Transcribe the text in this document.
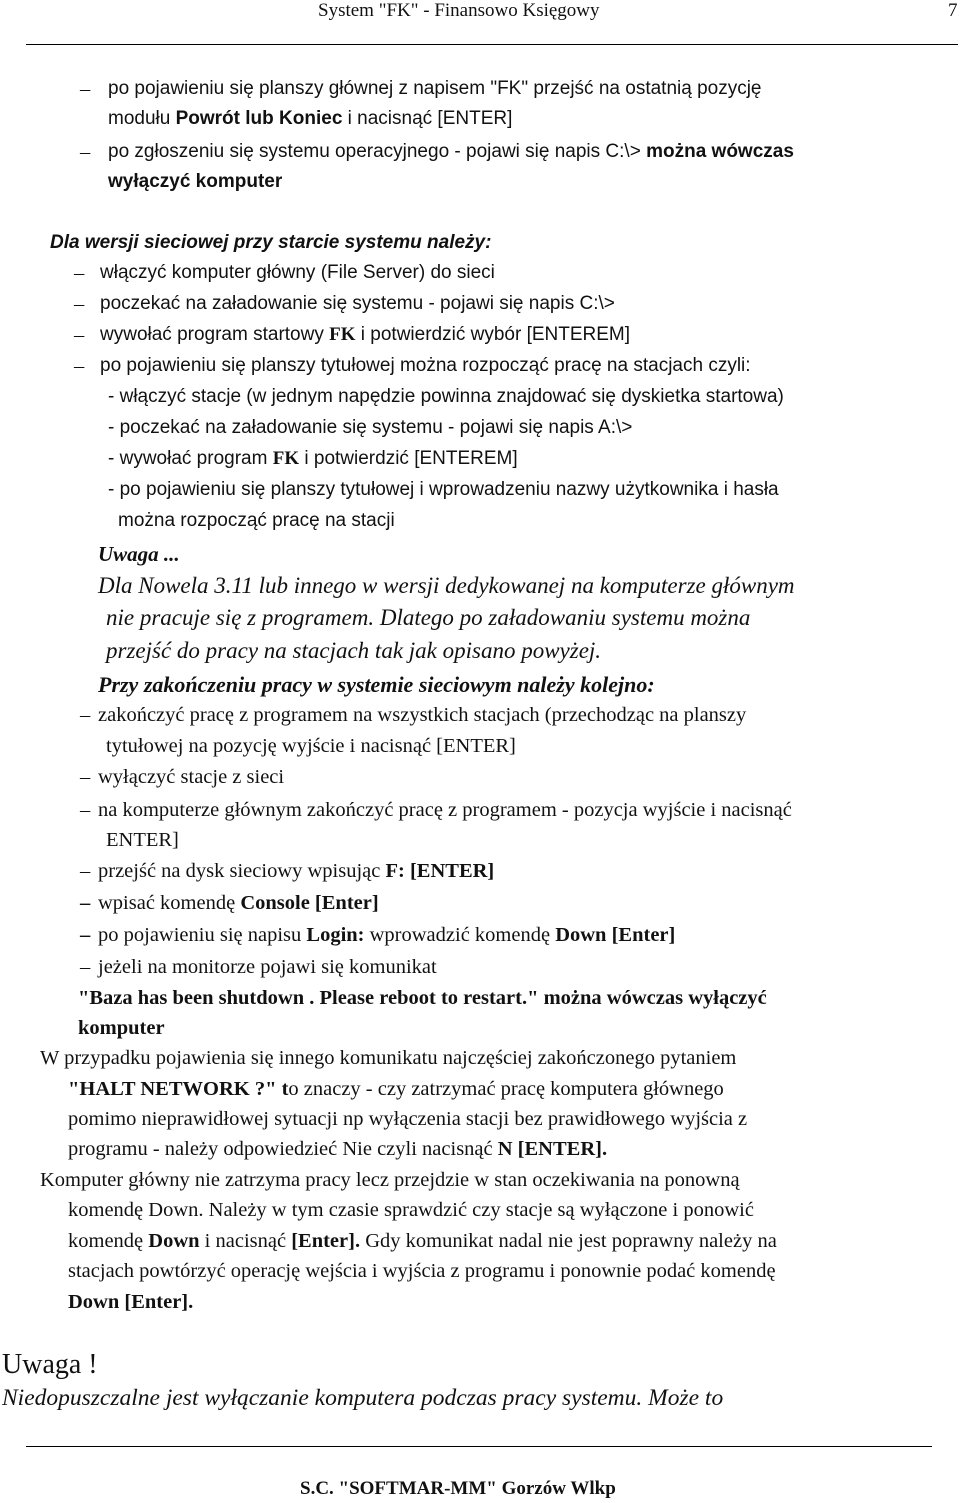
System "FK" - Finansowo Księgowy	7
– po pojawieniu się planszy głównej z napisem "FK" przejść na ostatnią pozycję
modułu Powrót lub Koniec i nacisnąć [ENTER]
– po zgłoszeniu się systemu operacyjnego - pojawi się napis C:\> można wówczas
wyłączyć komputer
Dla wersji sieciowej przy starcie systemu należy:
– włączyć komputer główny (File Server) do sieci
– poczekać na załadowanie się systemu - pojawi się napis C:\>
– wywołać program startowy FK i potwierdzić wybór [ENTEREM]
– po pojawieniu się planszy tytułowej można rozpocząć pracę na stacjach czyli:
- włączyć stacje (w jednym napędzie powinna znajdować się dyskietka startowa)
- poczekać na załadowanie się systemu - pojawi się napis A:\>
- wywołać program FK i potwierdzić [ENTEREM]
- po pojawieniu się planszy tytułowej i wprowadzeniu nazwy użytkownika i hasła
można rozpocząć pracę na stacji
Uwaga ...
Dla Nowela 3.11 lub innego w wersji dedykowanej na komputerze głównym
nie pracuje się z programem. Dlatego po załadowaniu systemu można
przejść do pracy na stacjach tak jak opisano powyżej.
Przy zakończeniu pracy w systemie sieciowym należy kolejno:
– zakończyć pracę z programem na wszystkich stacjach (przechodząc na planszy
tytułowej na pozycję wyjście i nacisnąć [ENTER]
– wyłączyć stacje z sieci
– na komputerze głównym zakończyć pracę z programem - pozycja wyjście i nacisnąć
ENTER]
– przejść na dysk sieciowy wpisując F: [ENTER]
– wpisać komendę Console [Enter]
– po pojawieniu się napisu Login: wprowadzić komendę Down [Enter]
– jeżeli na monitorze pojawi się komunikat
"Baza has been shutdown . Please reboot to restart." można wówczas wyłączyć
komputer
W przypadku pojawienia się innego komunikatu najczęściej zakończonego pytaniem
"HALT NETWORK ?" to znaczy - czy zatrzymać pracę komputera głównego
pomimo nieprawidłowej sytuacji np wyłączenia stacji bez prawidłowego wyjścia z
programu - należy odpowiedzieć Nie czyli nacisnąć N [ENTER].
Komputer główny nie zatrzyma pracy lecz przejdzie w stan oczekiwania na ponowną
komendę Down. Należy w tym czasie sprawdzić czy stacje są wyłączone i ponowić
komendę Down i nacisnąć [Enter]. Gdy komunikat nadal nie jest poprawny należy na
stacjach powtórzyć operację wejścia i wyjścia z programu i ponownie podać komendę
Down [Enter].
Uwaga !
Niedopuszczalne jest wyłączanie komputera podczas pracy systemu. Może to
S.C. "SOFTMAR-MM" Gorzów Wlkp
